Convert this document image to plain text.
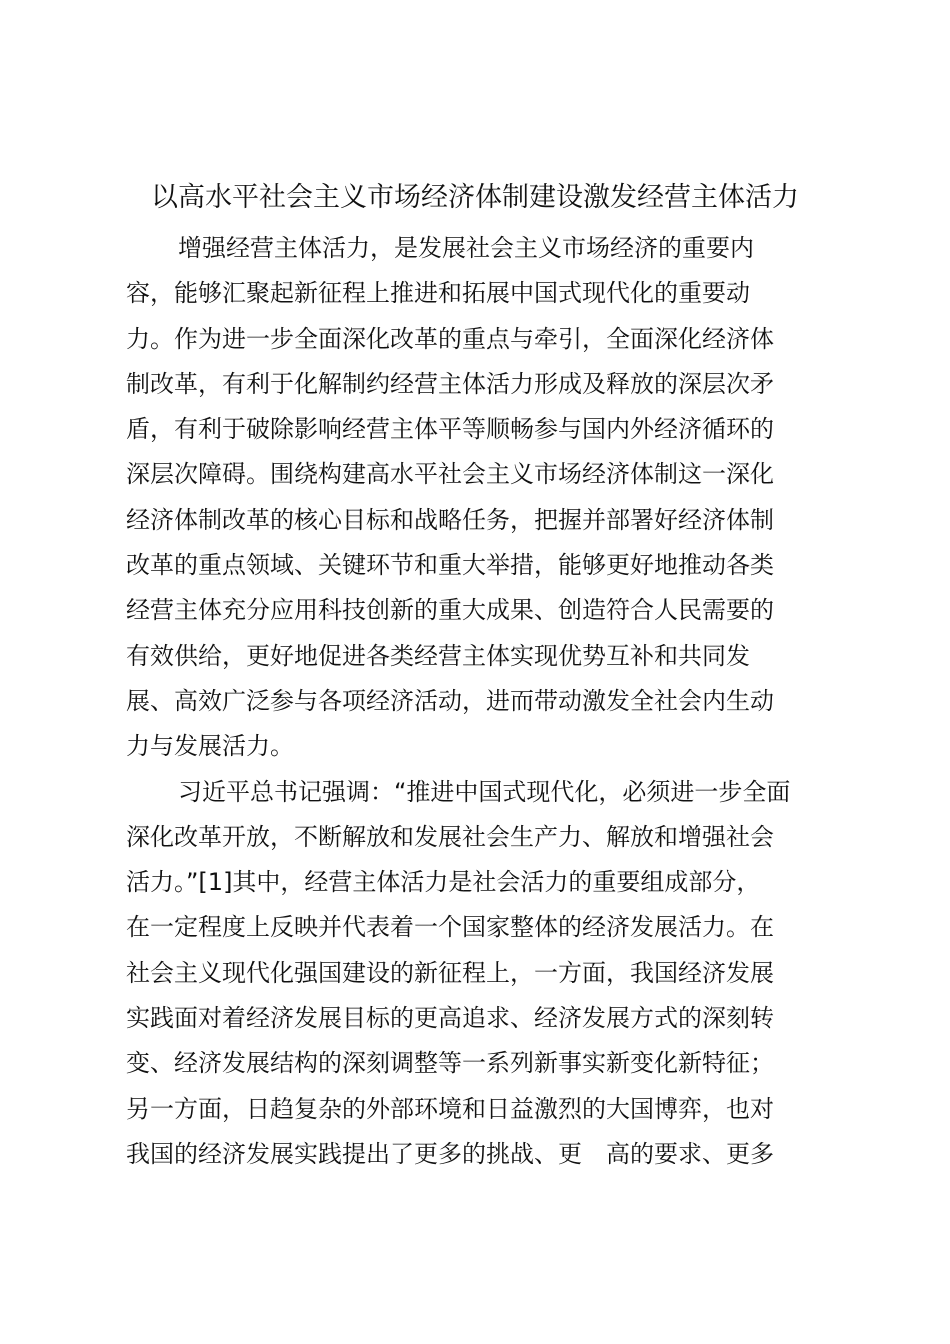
以高水平社会主义市场经济体制建设激发经营主体活力
增强经营主体活力，是发展社会主义市场经济的重要内
容，能够汇聚起新征程上推进和拓展中国式现代化的重要动
力。作为进一步全面深化改革的重点与牵引，全面深化经济体
制改革，有利于化解制约经营主体活力形成及释放的深层次矛
盾，有利于破除影响经营主体平等顺畅参与国内外经济循环的
深层次障碍。围绕构建高水平社会主义市场经济体制这一深化
经济体制改革的核心目标和战略任务，把握并部署好经济体制
改革的重点领域、关键环节和重大举措，能够更好地推动各类
经营主体充分应用科技创新的重大成果、创造符合人民需要的
有效供给，更好地促进各类经营主体实现优势互补和共同发
展、高效广泛参与各项经济活动，进而带动激发全社会内生动
力与发展活力。
习近平总书记强调：“推进中国式现代化，必须进一步全面
深化改革开放，不断解放和发展社会生产力、解放和增强社会
活力。”[1]其中，经营主体活力是社会活力的重要组成部分，
在一定程度上反映并代表着一个国家整体的经济发展活力。在
社会主义现代化强国建设的新征程上，一方面，我国经济发展
实践面对着经济发展目标的更高追求、经济发展方式的深刻转
变、经济发展结构的深刻调整等一系列新事实新变化新特征；
另一方面，日趋复杂的外部环境和日益激烈的大国博弈，也对
我国的经济发展实践提出了更多的挑战、更　高的要求、更多
